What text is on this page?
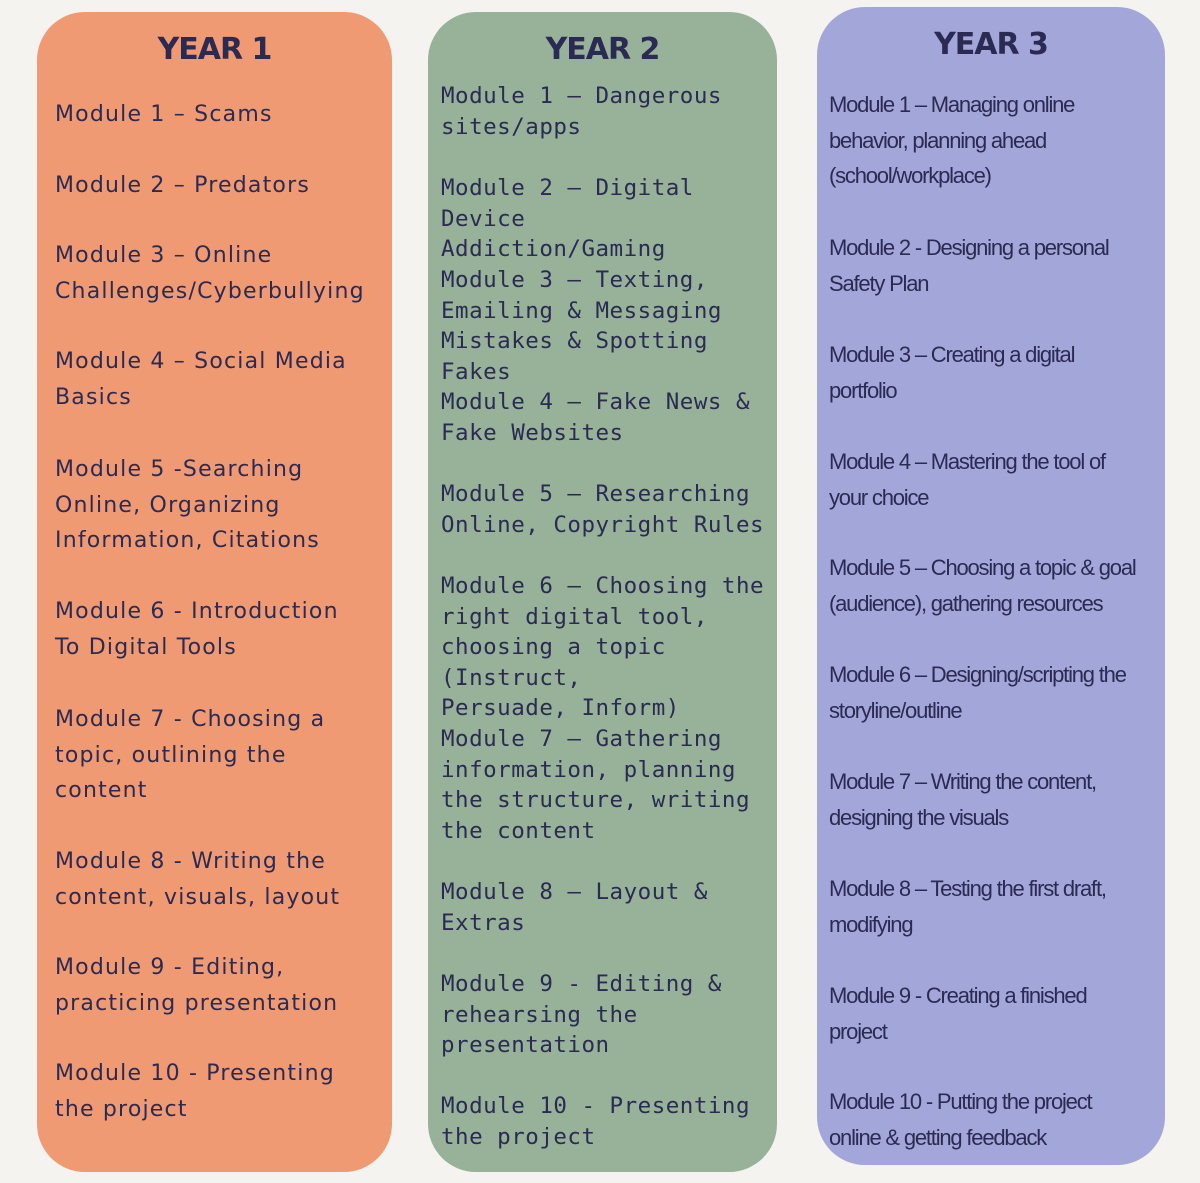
YEAR 1
Module 1 – Scams
Module 2 – Predators
Module 3 – Online
Challenges/Cyberbullying
Module 4 – Social Media
Basics
Module 5 -Searching
Online, Organizing
Information, Citations
Module 6 - Introduction
To Digital Tools
Module 7 - Choosing a
topic, outlining the
content
Module 8 - Writing the
content, visuals, layout
Module 9 - Editing,
practicing presentation
Module 10 - Presenting
the project
YEAR 2
Module 1 – Dangerous
sites/apps
Module 2 – Digital Device
Addiction/Gaming
Module 3 – Texting,
Emailing & Messaging
Mistakes & Spotting Fakes
Module 4 – Fake News &
Fake Websites
Module 5 – Researching
Online, Copyright Rules
Module 6 – Choosing the
right digital tool,
choosing a topic (Instruct,
Persuade, Inform)
Module 7 – Gathering
information, planning
the structure, writing
the content
Module 8 – Layout &
Extras
Module 9 - Editing &
rehearsing the
presentation
Module 10 - Presenting
the project
YEAR 3
Module 1 – Managing online
behavior, planning ahead
(school/workplace)
Module 2 - Designing a personal
Safety Plan
Module 3 – Creating a digital
portfolio
Module 4 – Mastering the tool of
your choice
Module 5 – Choosing a topic & goal
(audience), gathering resources
Module 6 – Designing/scripting the
storyline/outline
Module 7 – Writing the content,
designing the visuals
Module 8 – Testing the first draft,
modifying
Module 9 - Creating a finished
project
Module 10 - Putting the project
online & getting feedback
